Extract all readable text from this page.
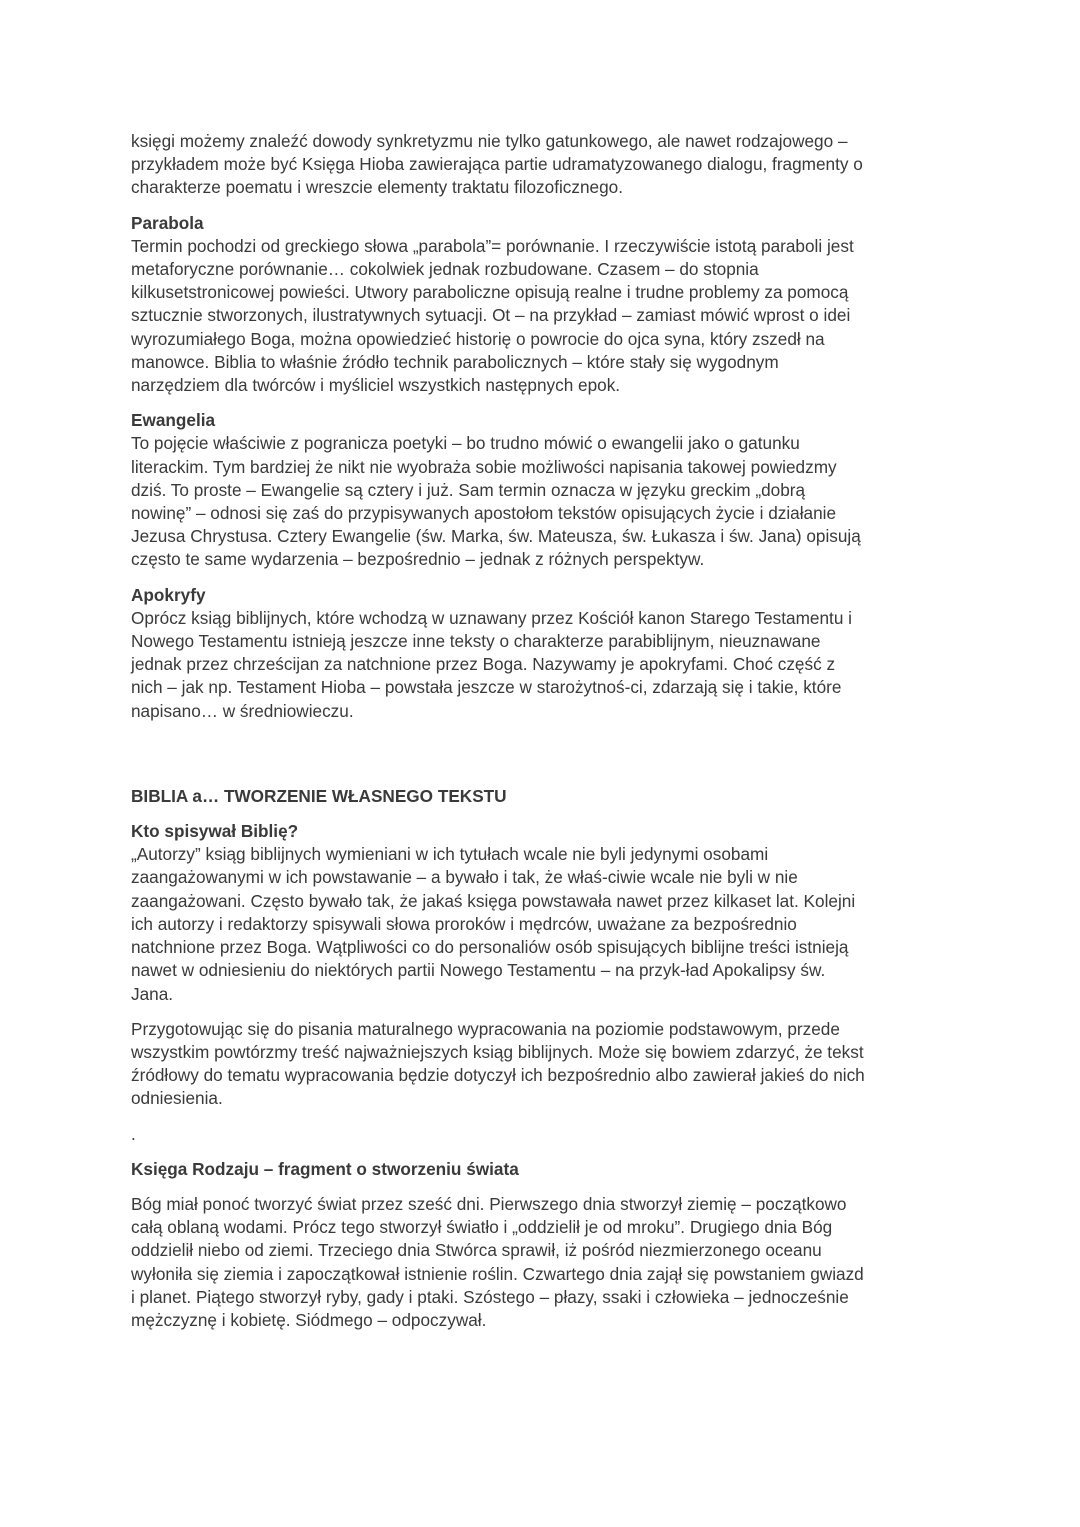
księgi możemy znaleźć dowody synkretyzmu nie tylko gatunkowego, ale nawet rodzajowego –
przykładem może być Księga Hioba zawierająca partie udramatyzowanego dialogu, fragmenty o
charakterze poematu i wreszcie elementy traktatu filozoficznego.
Parabola
Termin pochodzi od greckiego słowa „parabola”= porównanie. I rzeczywiście istotą paraboli jest
metaforyczne porównanie… cokolwiek jednak rozbudowane. Czasem – do stopnia
kilkusetstronicowej powieści. Utwory paraboliczne opisują realne i trudne problemy za pomocą
sztucznie stworzonych, ilustratywnych sytuacji. Ot – na przykład – zamiast mówić wprost o idei
wyrozumiałego Boga, można opowiedzieć historię o powrocie do ojca syna, który zszedł na
manowce. Biblia to właśnie źródło technik parabolicznych – które stały się wygodnym
narzędziem dla twórców i myśliciel wszystkich następnych epok.
Ewangelia
To pojęcie właściwie z pogranicza poetyki – bo trudno mówić o ewangelii jako o gatunku
literackim. Tym bardziej że nikt nie wyobraża sobie możliwości napisania takowej powiedzmy
dziś. To proste – Ewangelie są cztery i już. Sam termin oznacza w języku greckim „dobrą
nowinę” – odnosi się zaś do przypisywanych apostołom tekstów opisujących życie i działanie
Jezusa Chrystusa. Cztery Ewangelie (św. Marka, św. Mateusza, św. Łukasza i św. Jana) opisują
często te same wydarzenia – bezpośrednio – jednak z różnych perspektyw.
Apokryfy
Oprócz ksiąg biblijnych, które wchodzą w uznawany przez Kościół kanon Starego Testamentu i
Nowego Testamentu istnieją jeszcze inne teksty o charakterze parabiblijnym, nieuznawane
jednak przez chrześcijan za natchnione przez Boga. Nazywamy je apokryfami. Choć część z
nich – jak np. Testament Hioba – powstała jeszcze w starożytnoś-ci, zdarzają się i takie, które
napisano… w średniowieczu.
BIBLIA a… TWORZENIE WŁASNEGO TEKSTU
Kto spisywał Biblię?
„Autorzy” ksiąg biblijnych wymieniani w ich tytułach wcale nie byli jedynymi osobami
zaangażowanymi w ich powstawanie – a bywało i tak, że właś-ciwie wcale nie byli w nie
zaangażowani. Często bywało tak, że jakaś księga powstawała nawet przez kilkaset lat. Kolejni
ich autorzy i redaktorzy spisywali słowa proroków i mędrców, uważane za bezpośrednio
natchnione przez Boga. Wątpliwości co do personaliów osób spisujących biblijne treści istnieją
nawet w odniesieniu do niektórych partii Nowego Testamentu – na przyk-ład Apokalipsy św.
Jana.
Przygotowując się do pisania maturalnego wypracowania na poziomie podstawowym, przede
wszystkim powtórzmy treść najważniejszych ksiąg biblijnych. Może się bowiem zdarzyć, że tekst
źródłowy do tematu wypracowania będzie dotyczył ich bezpośrednio albo zawierał jakieś do nich
odniesienia.
.
Księga Rodzaju – fragment o stworzeniu świata
Bóg miał ponoć tworzyć świat przez sześć dni. Pierwszego dnia stworzył ziemię – początkowo
całą oblaną wodami. Prócz tego stworzył światło i „oddzielił je od mroku”. Drugiego dnia Bóg
oddzielił niebo od ziemi. Trzeciego dnia Stwórca sprawił, iż pośród niezmierzonego oceanu
wyłoniła się ziemia i zapoczątkował istnienie roślin. Czwartego dnia zajął się powstaniem gwiazd
i planet. Piątego stworzył ryby, gady i ptaki. Szóstego – płazy, ssaki i człowieka – jednocześnie
mężczyznę i kobietę. Siódmego – odpoczywał.
